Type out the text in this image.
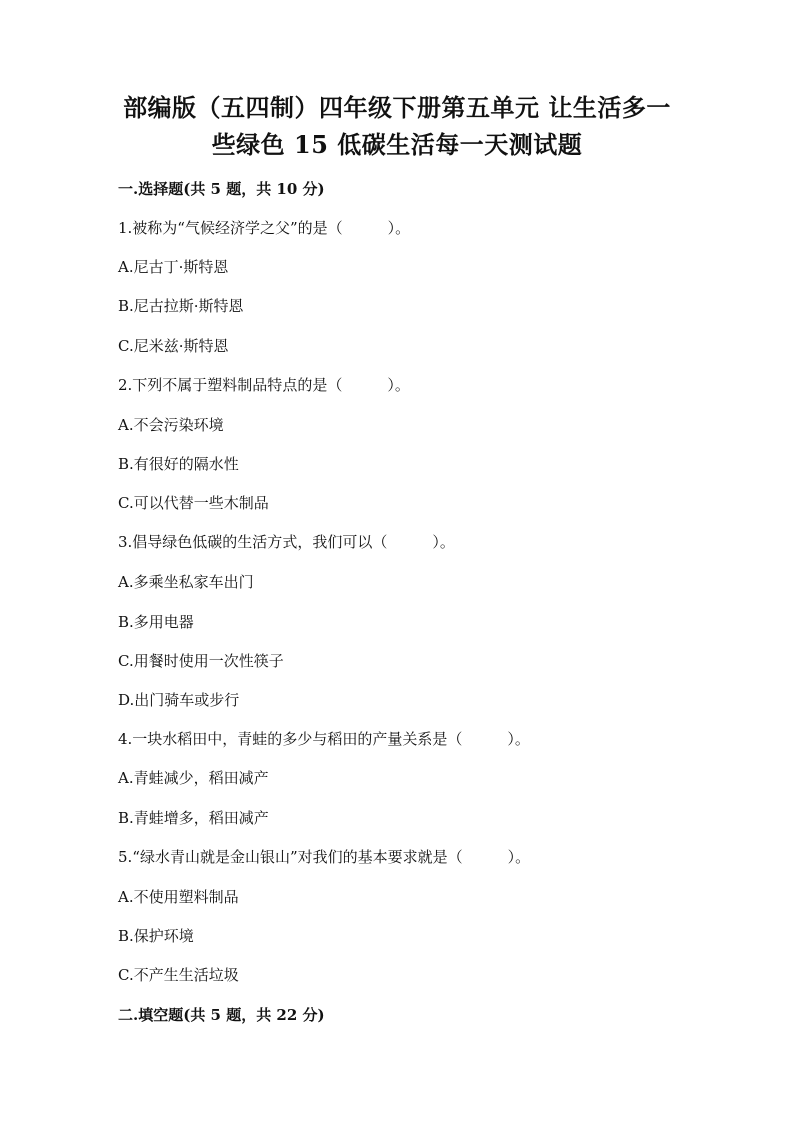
部编版（五四制）四年级下册第五单元 让生活多一
些绿色 15 低碳生活每一天测试题
一.选择题(共 5 题，共 10 分)
1.被称为“气候经济学之父”的是（　　　）。
A.尼古丁·斯特恩
B.尼古拉斯·斯特恩
C.尼米兹·斯特恩
2.下列不属于塑料制品特点的是（　　　）。
A.不会污染环境
B.有很好的隔水性
C.可以代替一些木制品
3.倡导绿色低碳的生活方式，我们可以（　　　）。
A.多乘坐私家车出门
B.多用电器
C.用餐时使用一次性筷子
D.出门骑车或步行
4.一块水稻田中，青蛙的多少与稻田的产量关系是（　　　）。
A.青蛙减少，稻田减产
B.青蛙增多，稻田减产
5.“绿水青山就是金山银山”对我们的基本要求就是（　　　）。
A.不使用塑料制品
B.保护环境
C.不产生生活垃圾
二.填空题(共 5 题，共 22 分)
